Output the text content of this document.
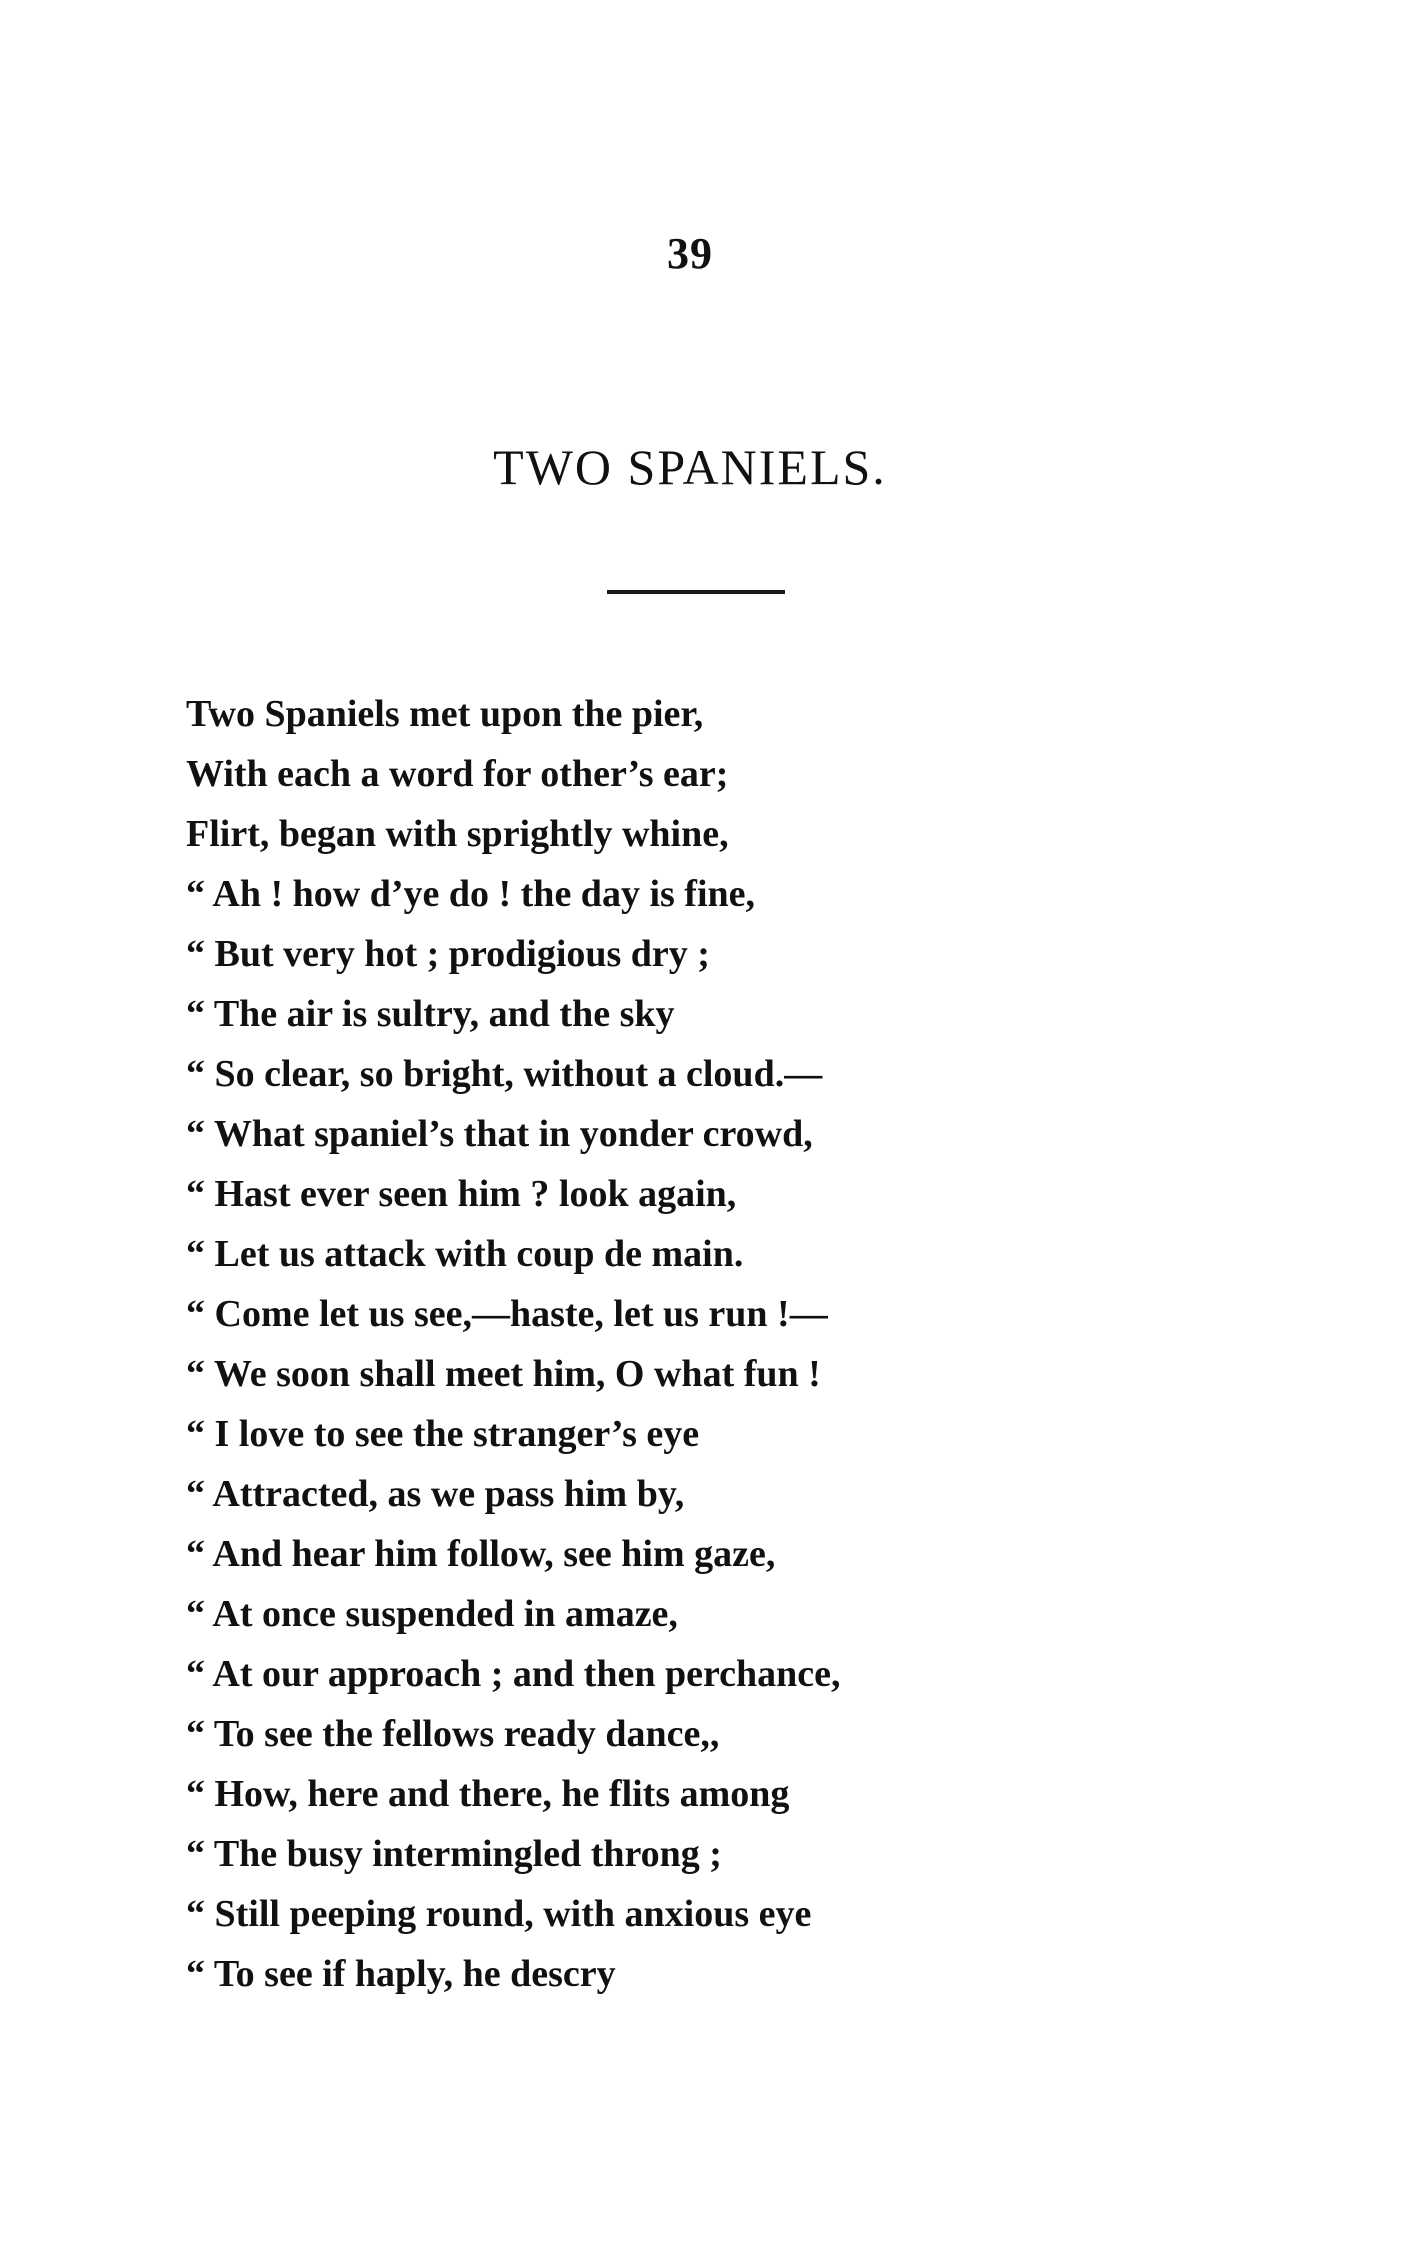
39
TWO SPANIELS.
Two Spaniels met upon the pier,
With each a word for other’s ear;
Flirt, began with sprightly whine,
“ Ah ! how d’ye do ! the day is fine,
“ But very hot ; prodigious dry ;
“ The air is sultry, and the sky
“ So clear, so bright, without a cloud.—
“ What spaniel’s that in yonder crowd,
“ Hast ever seen him ? look again,
“ Let us attack with coup de main.
“ Come let us see,—haste, let us run !—
“ We soon shall meet him, O what fun !
“ I love to see the stranger’s eye
“ Attracted, as we pass him by,
“ And hear him follow, see him gaze,
“ At once suspended in amaze,
“ At our approach ; and then perchance,
“ To see the fellows ready dance,,
“ How, here and there, he flits among
“ The busy intermingled throng ;
“ Still peeping round, with anxious eye
“ To see if haply, he descry
